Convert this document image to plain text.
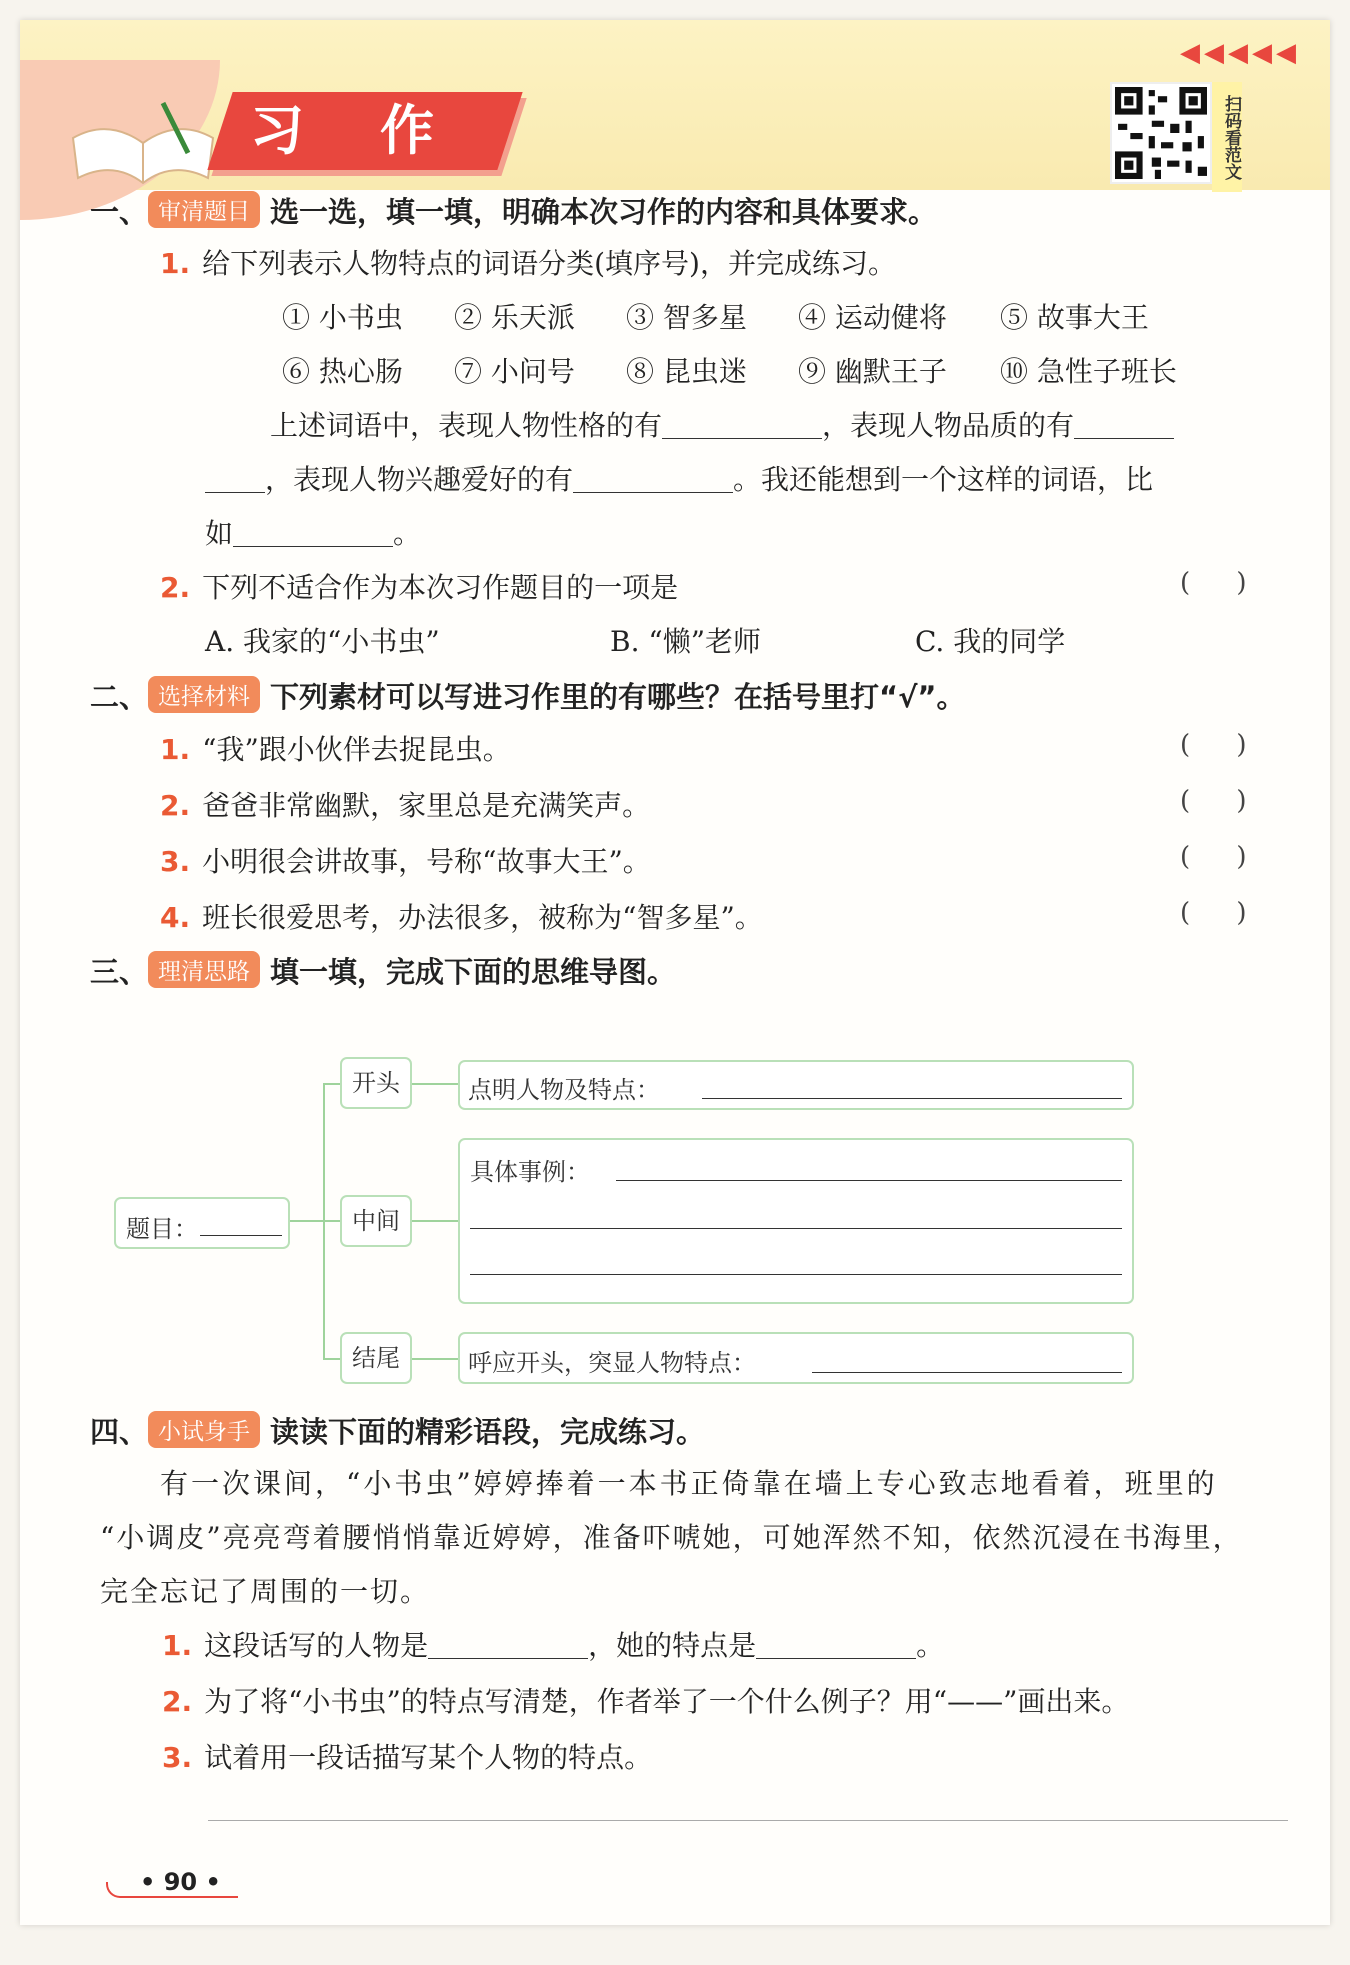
习作
◀◀◀◀◀
扫码看范文
一、 审清题目 选一选，填一填，明确本次习作的内容和具体要求。
1. 给下列表示人物特点的词语分类(填序号)，并完成练习。
① 小书虫 ② 乐天派 ③ 智多星 ④ 运动健将 ⑤ 故事大王
⑥ 热心肠 ⑦ 小问号 ⑧ 昆虫迷 ⑨ 幽默王子 ⑩ 急性子班长
上述词语中，表现人物性格的有	，表现人物品质的有
，表现人物兴趣爱好的有	。我还能想到一个这样的词语，比
如	。
2. 下列不适合作为本次习作题目的一项是	( )
A. 我家的“小书虫”	B. “懒”老师	C. 我的同学
二、 选择材料 下列素材可以写进习作里的有哪些？在括号里打“√”。
1. “我”跟小伙伴去捉昆虫。	( )
2. 爸爸非常幽默，家里总是充满笑声。	( )
3. 小明很会讲故事，号称“故事大王”。	( )
4. 班长很爱思考，办法很多，被称为“智多星”。	( )
三、 理清思路 填一填，完成下面的思维导图。
题目：
开头
中间
结尾
点明人物及特点：
具体事例：
呼应开头，突显人物特点：
四、 小试身手 读读下面的精彩语段，完成练习。
有一次课间，“小书虫”婷婷捧着一本书正倚靠在墙上专心致志地看着，班里的
“小调皮”亮亮弯着腰悄悄靠近婷婷，准备吓唬她，可她浑然不知，依然沉浸在书海里，
完全忘记了周围的一切。
1. 这段话写的人物是	，她的特点是	。
2. 为了将“小书虫”的特点写清楚，作者举了一个什么例子？用“——”画出来。
3. 试着用一段话描写某个人物的特点。
• 90 •
